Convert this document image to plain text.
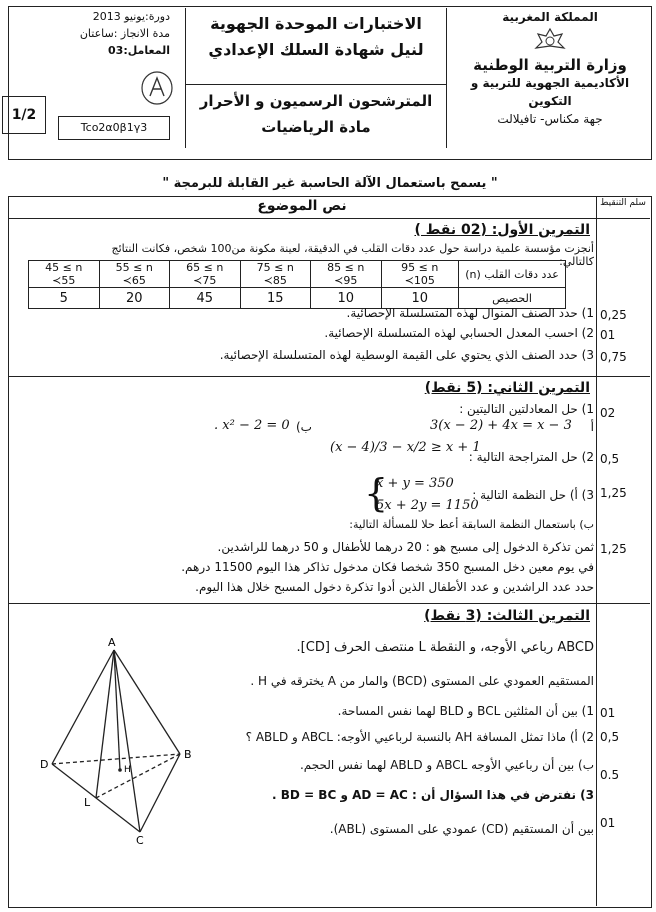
دورة:يونيو 2013
مدة الانجاز :ساعتان
المعامل:03
الاختبارات الموحدة الجهوية
لنيل شهادة السلك الإعدادي
المترشحون الرسميون و الأحرار
مادة الرياضيات
المملكة المغربية
وزارة التربية الوطنية
الأكاديمية الجهوية للتربية و التكوين
جهة مكناس- تافيلالت
1/2
Tco2α0β1γ3
" يسمح باستعمال الآلة الحاسبة غير القابلة للبرمجة "
نص الموضوع	سلم التنقيط
التمرين الأول: (02 نقط )
أنجزت مؤسسة علمية دراسة حول عدد دقات القلب في الدقيقة، لعينة مكونة من100 شخص، فكانت النتائج كالتالي:
45 ≤ n ≺55	55 ≤ n ≺65	65 ≤ n ≺75	75 ≤ n ≺85	85 ≤ n ≺95	95 ≤ n ≺105	عدد دقات القلب (n)
5	20	45	15	10	10	الحصيص
1) حدد الصنف المنوال لهذه المتسلسلة الإحصائية.
2) احسب المعدل الحسابي لهذه المتسلسلة الإحصائية.
3) حدد الصنف الذي يحتوي على القيمة الوسطية لهذه المتسلسلة الإحصائية.
0,25
01
0,75
التمرين الثاني: (5 نقط)
1) حل المعادلتين التاليتين :
أ
3(x − 2) + 4x = x − 3
ب)
x² − 2 = 0 .
2) حل المتراجحة التالية :
(x − 4)/3 − x/2 ≥ x + 1
3) أ) حل النظمة التالية :
{
x + y = 350
5x + 2y = 1150
ب) باستعمال النظمة السابقة أعط حلا للمسألة التالية:
ثمن تذكرة الدخول إلى مسبح هو : 20 درهما للأطفال و 50 درهما للراشدين.
في يوم معين دخل المسبح 350 شخصا فكان مدخول تذاكر هذا اليوم 11500 درهم.
حدد عدد الراشدين و عدد الأطفال الذين أدوا تذكرة دخول المسبح خلال هذا اليوم.
02
0,5
1,25
1,25
التمرين الثالث: (3 نقط)
ABCD رباعي الأوجه، و النقطة L منتصف الحرف [CD].
المستقيم العمودي على المستوى (BCD) والمار من A يخترقه في H .
1) بين أن المثلثين BCL و BLD لهما نفس المساحة.
2) أ) ماذا تمثل المسافة AH بالنسبة لرباعيي الأوجه: ABCL و ABLD ؟
ب) بين أن رباعيي الأوجه ABCL و ABLD لهما نفس الحجم.
3) نفترض في هذا السؤال أن : AD = AC و BD = BC .
بين أن المستقيم (CD) عمودي على المستوى (ABL).
01
0,5
0.5
01
A
B
C
D
L
H
